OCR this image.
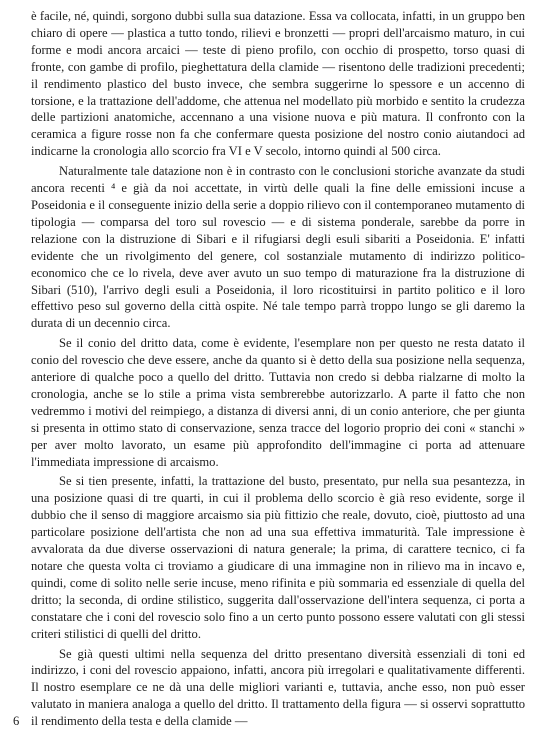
è facile, né, quindi, sorgono dubbi sulla sua datazione. Essa va collocata, infatti, in un gruppo ben chiaro di opere — plastica a tutto tondo, rilievi e bronzetti — propri dell'arcaismo maturo, in cui forme e modi ancora arcaici — teste di pieno profilo, con occhio di prospetto, torso quasi di fronte, con gambe di profilo, pieghettatura della clamide — risentono delle tradizioni precedenti; il rendimento plastico del busto invece, che sembra suggerirne lo spessore e un accenno di torsione, e la trattazione dell'addome, che attenua nel modellato più morbido e sentito la crudezza delle partizioni anatomiche, accennano a una visione nuova e più matura. Il confronto con la ceramica a figure rosse non fa che confermare questa posizione del nostro conio aiutandoci ad indicarne la cronologia allo scorcio fra VI e V secolo, intorno quindi al 500 circa.

Naturalmente tale datazione non è in contrasto con le conclusioni storiche avanzate da studi ancora recenti ⁴ e già da noi accettate, in virtù delle quali la fine delle emissioni incuse a Poseidonia e il conseguente inizio della serie a doppio rilievo con il contemporaneo mutamento di tipologia — comparsa del toro sul rovescio — e di sistema ponderale, sarebbe da porre in relazione con la distruzione di Sibari e il rifugiarsi degli esuli sibariti a Poseidonia. E' infatti evidente che un rivolgimento del genere, col sostanziale mutamento di indirizzo politico-economico che ce lo rivela, deve aver avuto un suo tempo di maturazione fra la distruzione di Sibari (510), l'arrivo degli esuli a Poseidonia, il loro ricostituirsi in partito politico e il loro effettivo peso sul governo della città ospite. Né tale tempo parrà troppo lungo se gli daremo la durata di un decennio circa.

Se il conio del dritto data, come è evidente, l'esemplare non per questo ne resta datato il conio del rovescio che deve essere, anche da quanto si è detto della sua posizione nella sequenza, anteriore di qualche poco a quello del dritto. Tuttavia non credo si debba rialzarne di molto la cronologia, anche se lo stile a prima vista sembrerebbe autorizzarlo. A parte il fatto che non vedremmo i motivi del reimpiego, a distanza di diversi anni, di un conio anteriore, che per giunta si presenta in ottimo stato di conservazione, senza tracce del logorio proprio dei coni « stanchi » per aver molto lavorato, un esame più approfondito dell'immagine ci porta ad attenuare l'immediata impressione di arcaismo.

Se si tien presente, infatti, la trattazione del busto, presentato, pur nella sua pesantezza, in una posizione quasi di tre quarti, in cui il problema dello scorcio è già reso evidente, sorge il dubbio che il senso di maggiore arcaismo sia più fittizio che reale, dovuto, cioè, piuttosto ad una particolare posizione dell'artista che non ad una sua effettiva immaturità. Tale impressione è avvalorata da due diverse osservazioni di natura generale; la prima, di carattere tecnico, ci fa notare che questa volta ci troviamo a giudicare di una immagine non in rilievo ma in incavo e, quindi, come di solito nelle serie incuse, meno rifinita e più sommaria ed essenziale di quella del dritto; la seconda, di ordine stilistico, suggerita dall'osservazione dell'intera sequenza, ci porta a constatare che i coni del rovescio solo fino a un certo punto possono essere valutati con gli stessi criteri stilistici di quelli del dritto.

Se già questi ultimi nella sequenza del dritto presentano diversità essenziali di toni ed indirizzo, i coni del rovescio appaiono, infatti, ancora più irregolari e qualitativamente differenti. Il nostro esemplare ce ne dà una delle migliori varianti e, tuttavia, anche esso, non può esser valutato in maniera analoga a quello del dritto. Il trattamento della figura — si osservi soprattutto il rendimento della testa e della clamide —

6
